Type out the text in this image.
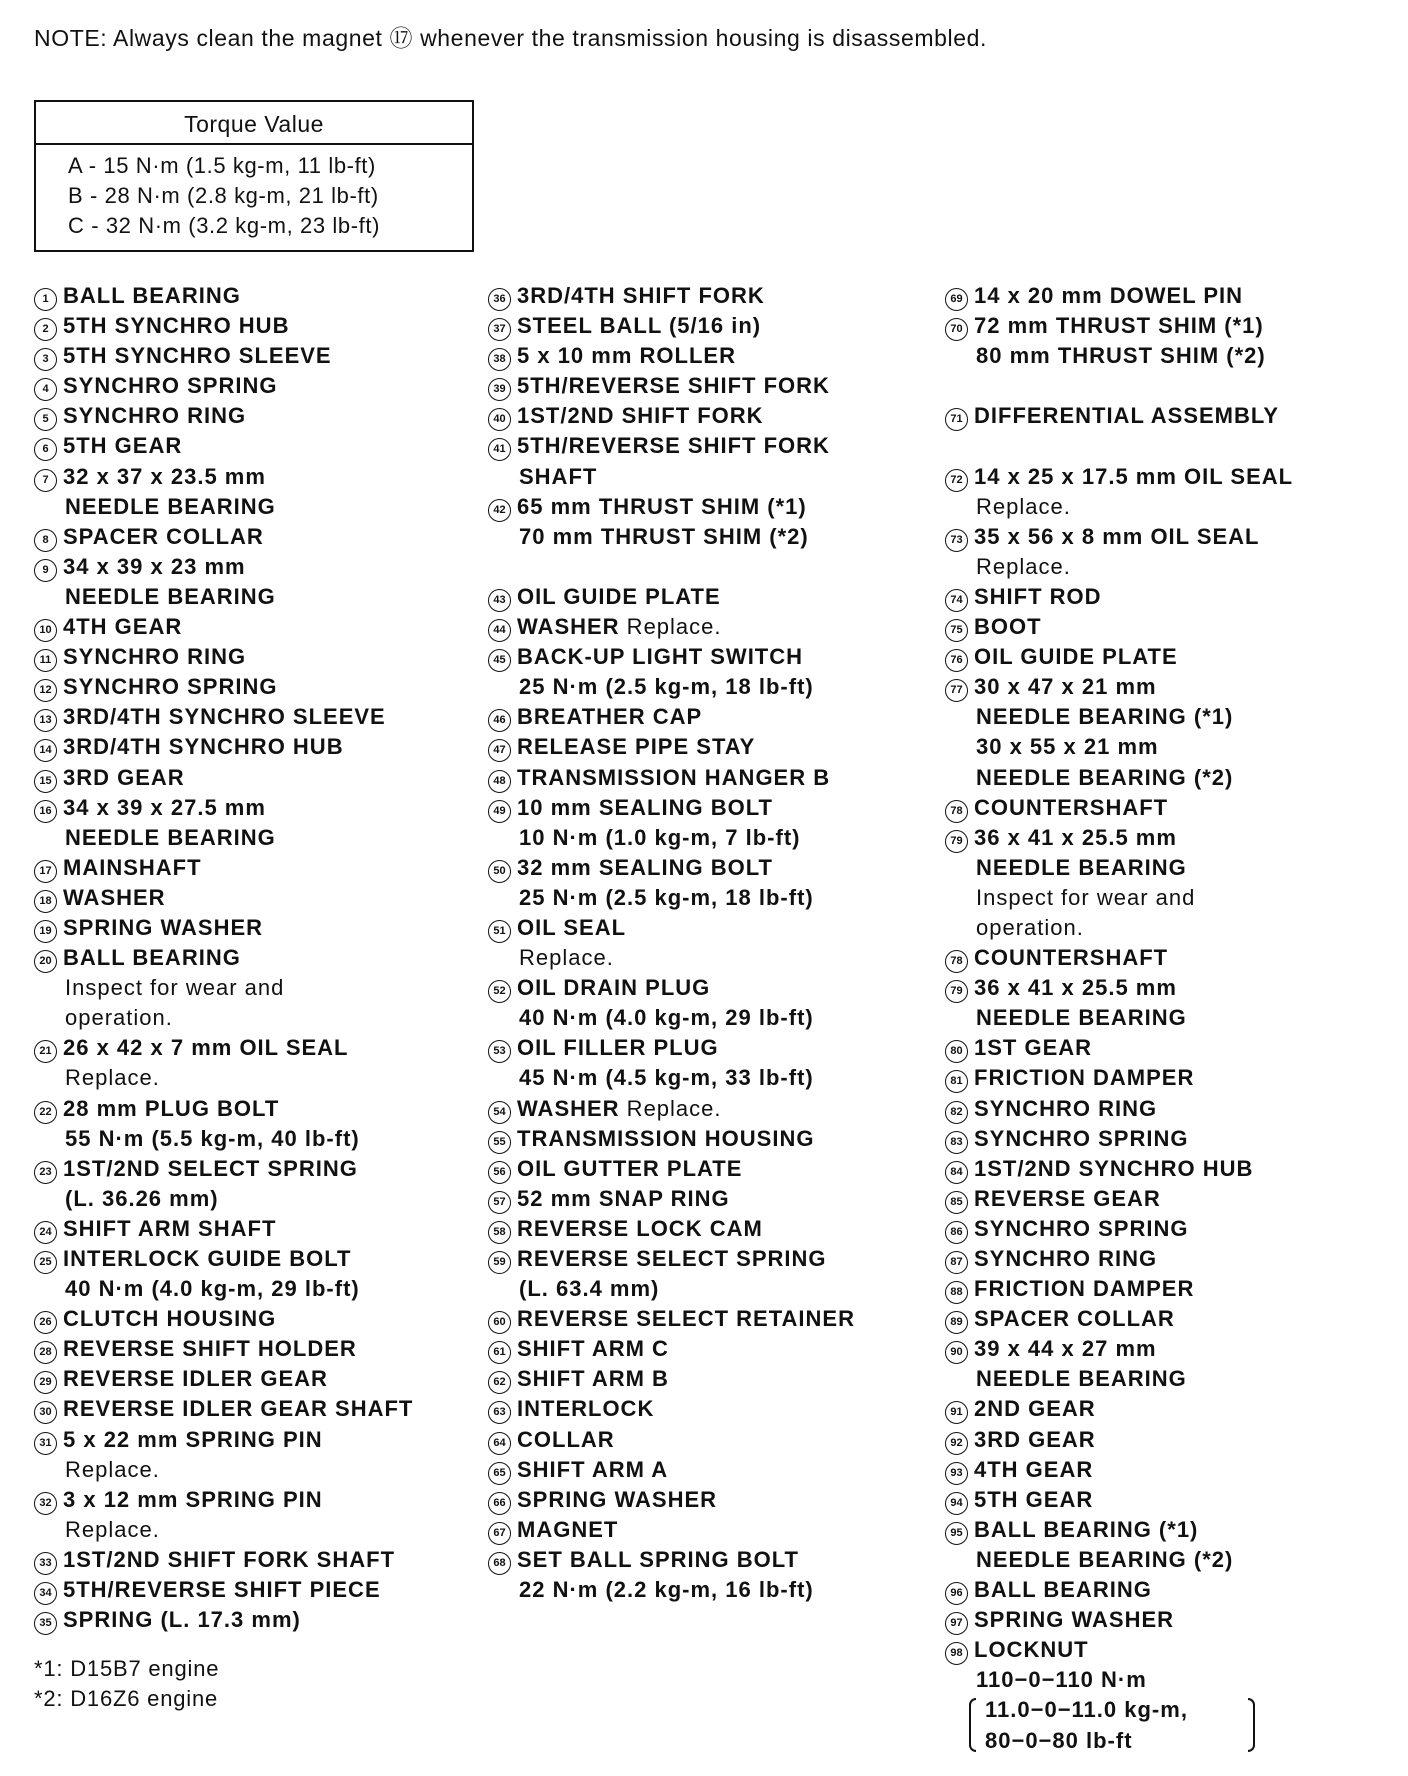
NOTE: Always clean the magnet ⑰ whenever the transmission housing is disassembled.
Torque Value
A - 15 N·m (1.5 kg-m, 11 lb-ft)
B - 28 N·m (2.8 kg-m, 21 lb-ft)
C - 32 N·m (3.2 kg-m, 23 lb-ft)
1 BALL BEARING
2 5TH SYNCHRO HUB
3 5TH SYNCHRO SLEEVE
4 SYNCHRO SPRING
5 SYNCHRO RING
6 5TH GEAR
7 32 x 37 x 23.5 mm
NEEDLE BEARING
8 SPACER COLLAR
9 34 x 39 x 23 mm
NEEDLE BEARING
10 4TH GEAR
11 SYNCHRO RING
12 SYNCHRO SPRING
13 3RD/4TH SYNCHRO SLEEVE
14 3RD/4TH SYNCHRO HUB
15 3RD GEAR
16 34 x 39 x 27.5 mm
NEEDLE BEARING
17 MAINSHAFT
18 WASHER
19 SPRING WASHER
20 BALL BEARING
Inspect for wear and
operation.
21 26 x 42 x 7 mm OIL SEAL
Replace.
22 28 mm PLUG BOLT
55 N·m (5.5 kg-m, 40 lb-ft)
23 1ST/2ND SELECT SPRING
(L. 36.26 mm)
24 SHIFT ARM SHAFT
25 INTERLOCK GUIDE BOLT
40 N·m (4.0 kg-m, 29 lb-ft)
26 CLUTCH HOUSING
28 REVERSE SHIFT HOLDER
29 REVERSE IDLER GEAR
30 REVERSE IDLER GEAR SHAFT
31 5 x 22 mm SPRING PIN
Replace.
32 3 x 12 mm SPRING PIN
Replace.
33 1ST/2ND SHIFT FORK SHAFT
34 5TH/REVERSE SHIFT PIECE
35 SPRING (L. 17.3 mm)
36 3RD/4TH SHIFT FORK
37 STEEL BALL (5/16 in)
38 5 x 10 mm ROLLER
39 5TH/REVERSE SHIFT FORK
40 1ST/2ND SHIFT FORK
41 5TH/REVERSE SHIFT FORK
SHAFT
42 65 mm THRUST SHIM (*1)
70 mm THRUST SHIM (*2)
43 OIL GUIDE PLATE
44 WASHER Replace.
45 BACK-UP LIGHT SWITCH
25 N·m (2.5 kg-m, 18 lb-ft)
46 BREATHER CAP
47 RELEASE PIPE STAY
48 TRANSMISSION HANGER B
49 10 mm SEALING BOLT
10 N·m (1.0 kg-m, 7 lb-ft)
50 32 mm SEALING BOLT
25 N·m (2.5 kg-m, 18 lb-ft)
51 OIL SEAL
Replace.
52 OIL DRAIN PLUG
40 N·m (4.0 kg-m, 29 lb-ft)
53 OIL FILLER PLUG
45 N·m (4.5 kg-m, 33 lb-ft)
54 WASHER Replace.
55 TRANSMISSION HOUSING
56 OIL GUTTER PLATE
57 52 mm SNAP RING
58 REVERSE LOCK CAM
59 REVERSE SELECT SPRING
(L. 63.4 mm)
60 REVERSE SELECT RETAINER
61 SHIFT ARM C
62 SHIFT ARM B
63 INTERLOCK
64 COLLAR
65 SHIFT ARM A
66 SPRING WASHER
67 MAGNET
68 SET BALL SPRING BOLT
22 N·m (2.2 kg-m, 16 lb-ft)
69 14 x 20 mm DOWEL PIN
70 72 mm THRUST SHIM (*1)
80 mm THRUST SHIM (*2)
71 DIFFERENTIAL ASSEMBLY
72 14 x 25 x 17.5 mm OIL SEAL
Replace.
73 35 x 56 x 8 mm OIL SEAL
Replace.
74 SHIFT ROD
75 BOOT
76 OIL GUIDE PLATE
77 30 x 47 x 21 mm
NEEDLE BEARING (*1)
30 x 55 x 21 mm
NEEDLE BEARING (*2)
78 COUNTERSHAFT
79 36 x 41 x 25.5 mm
NEEDLE BEARING
Inspect for wear and
operation.
78 COUNTERSHAFT
79 36 x 41 x 25.5 mm
NEEDLE BEARING
80 1ST GEAR
81 FRICTION DAMPER
82 SYNCHRO RING
83 SYNCHRO SPRING
84 1ST/2ND SYNCHRO HUB
85 REVERSE GEAR
86 SYNCHRO SPRING
87 SYNCHRO RING
88 FRICTION DAMPER
89 SPACER COLLAR
90 39 x 44 x 27 mm
NEEDLE BEARING
91 2ND GEAR
92 3RD GEAR
93 4TH GEAR
94 5TH GEAR
95 BALL BEARING (*1)
NEEDLE BEARING (*2)
96 BALL BEARING
97 SPRING WASHER
98 LOCKNUT
110−0−110 N·m
11.0−0−11.0 kg-m,
80−0−80 lb-ft
*1: D15B7 engine
*2: D16Z6 engine
